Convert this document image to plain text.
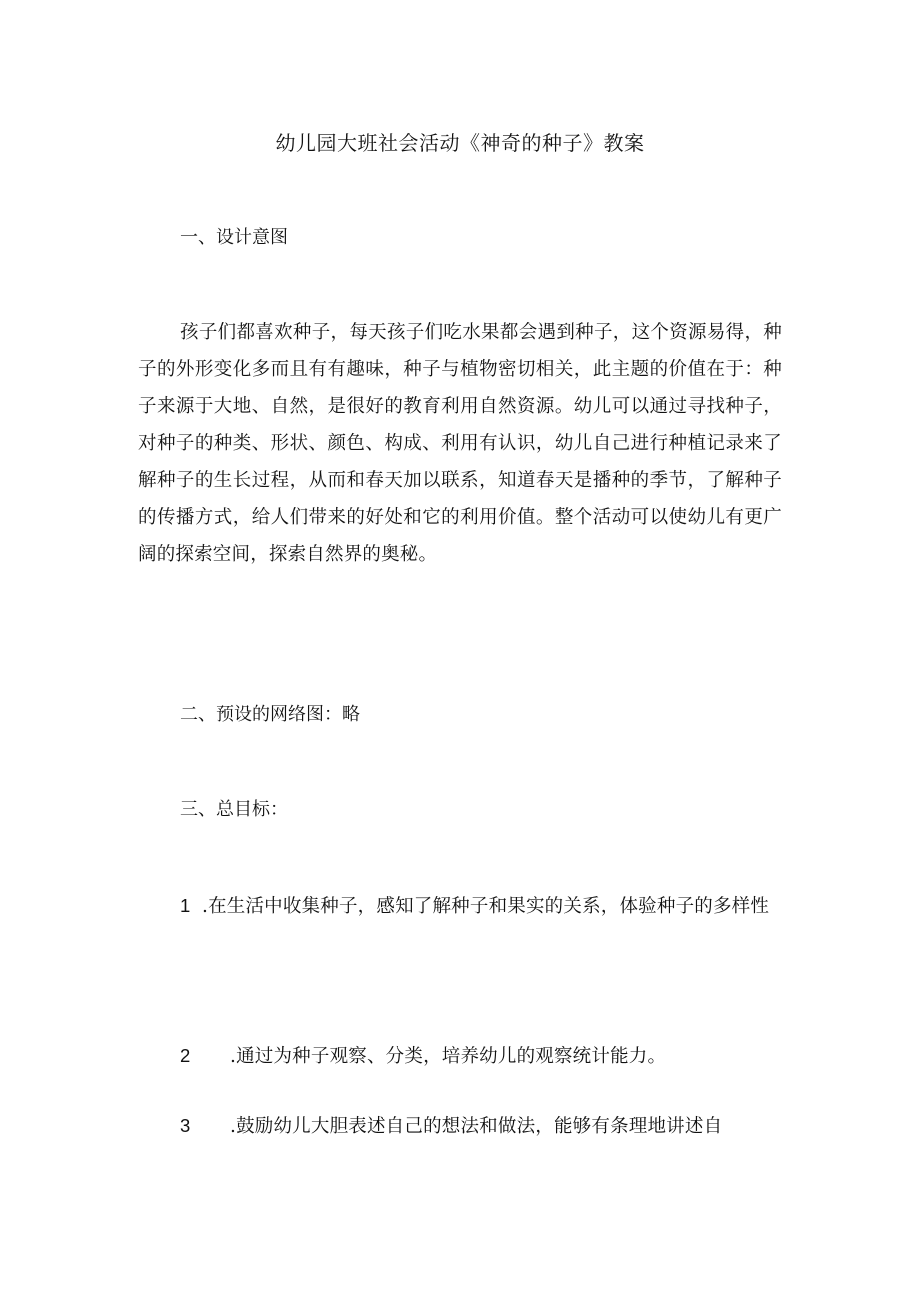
幼儿园大班社会活动《神奇的种子》教案
一、设计意图

孩子们都喜欢种子，每天孩子们吃水果都会遇到种子，这个资源易得，种子的外形变化多而且有有趣味，种子与植物密切相关，此主题的价值在于：种子来源于大地、自然，是很好的教育利用自然资源。幼儿可以通过寻找种子，对种子的种类、形状、颜色、构成、利用有认识，幼儿自己进行种植记录来了解种子的生长过程，从而和春天加以联系，知道春天是播种的季节，了解种子的传播方式，给人们带来的好处和它的利用价值。整个活动可以使幼儿有更广阔的探索空间，探索自然界的奥秘。

二、预设的网络图：略
三、总目标：

1 .在生活中收集种子，感知了解种子和果实的关系，体验种子的多样性

2 .通过为种子观察、分类，培养幼儿的观察统计能力。

3 .鼓励幼儿大胆表述自己的想法和做法，能够有条理地讲述自
